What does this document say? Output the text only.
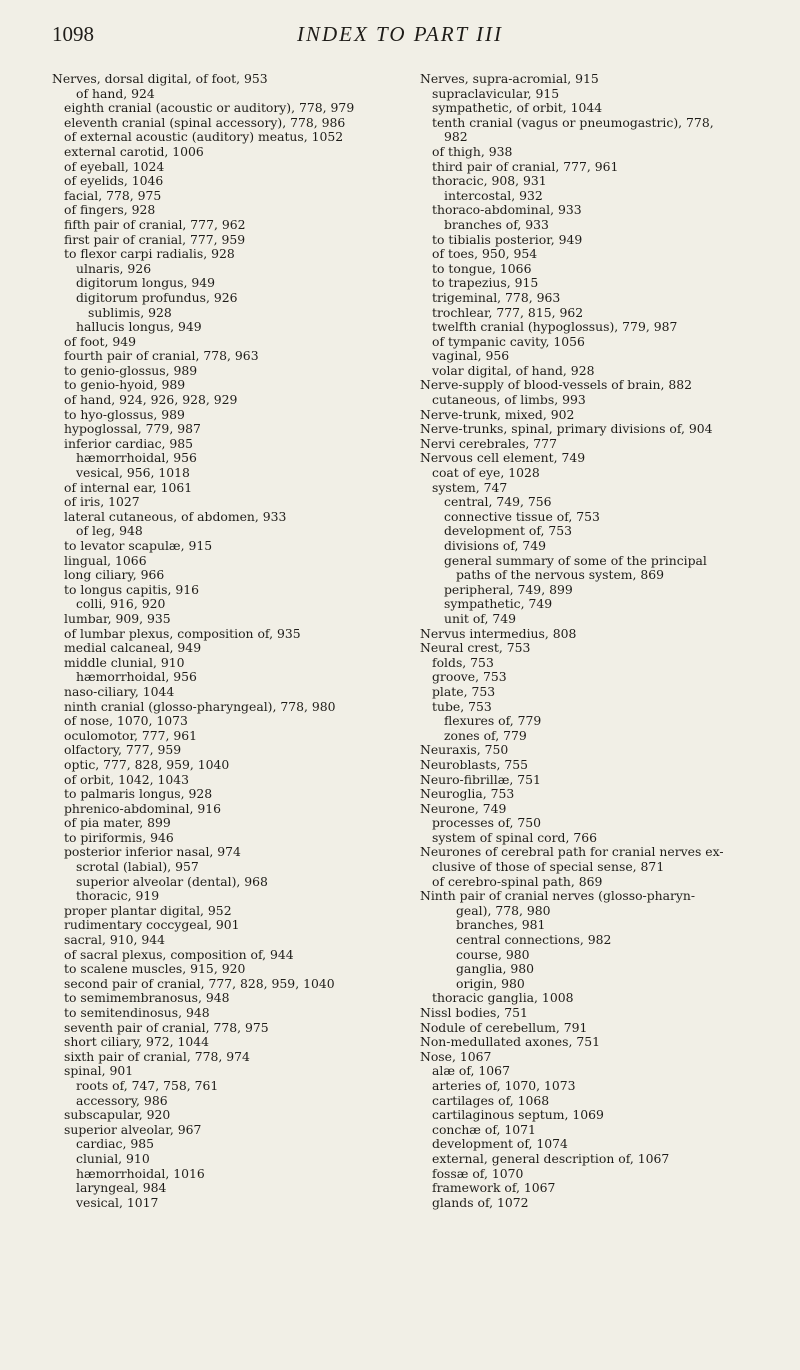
1098	INDEX TO PART III
Nerves, dorsal digital, of foot, 953
of hand, 924
eighth cranial (acoustic or auditory), 778, 979
eleventh cranial (spinal accessory), 778, 986
of external acoustic (auditory) meatus, 1052
external carotid, 1006
of eyeball, 1024
of eyelids, 1046
facial, 778, 975
of fingers, 928
fifth pair of cranial, 777, 962
first pair of cranial, 777, 959
to flexor carpi radialis, 928
ulnaris, 926
digitorum longus, 949
digitorum profundus, 926
sublimis, 928
hallucis longus, 949
of foot, 949
fourth pair of cranial, 778, 963
to genio-glossus, 989
to genio-hyoid, 989
of hand, 924, 926, 928, 929
to hyo-glossus, 989
hypoglossal, 779, 987
inferior cardiac, 985
hæmorrhoidal, 956
vesical, 956, 1018
of internal ear, 1061
of iris, 1027
lateral cutaneous, of abdomen, 933
of leg, 948
to levator scapulæ, 915
lingual, 1066
long ciliary, 966
to longus capitis, 916
colli, 916, 920
lumbar, 909, 935
of lumbar plexus, composition of, 935
medial calcaneal, 949
middle clunial, 910
hæmorrhoidal, 956
naso-ciliary, 1044
ninth cranial (glosso-pharyngeal), 778, 980
of nose, 1070, 1073
oculomotor, 777, 961
olfactory, 777, 959
optic, 777, 828, 959, 1040
of orbit, 1042, 1043
to palmaris longus, 928
phrenico-abdominal, 916
of pia mater, 899
to piriformis, 946
posterior inferior nasal, 974
scrotal (labial), 957
superior alveolar (dental), 968
thoracic, 919
proper plantar digital, 952
rudimentary coccygeal, 901
sacral, 910, 944
of sacral plexus, composition of, 944
to scalene muscles, 915, 920
second pair of cranial, 777, 828, 959, 1040
to semimembranosus, 948
to semitendinosus, 948
seventh pair of cranial, 778, 975
short ciliary, 972, 1044
sixth pair of cranial, 778, 974
spinal, 901
roots of, 747, 758, 761
accessory, 986
subscapular, 920
superior alveolar, 967
cardiac, 985
clunial, 910
hæmorrhoidal, 1016
laryngeal, 984
vesical, 1017
Nerves, supra-acromial, 915
supraclavicular, 915
sympathetic, of orbit, 1044
tenth cranial (vagus or pneumogastric), 778,
982
of thigh, 938
third pair of cranial, 777, 961
thoracic, 908, 931
intercostal, 932
thoraco-abdominal, 933
branches of, 933
to tibialis posterior, 949
of toes, 950, 954
to tongue, 1066
to trapezius, 915
trigeminal, 778, 963
trochlear, 777, 815, 962
twelfth cranial (hypoglossus), 779, 987
of tympanic cavity, 1056
vaginal, 956
volar digital, of hand, 928
Nerve-supply of blood-vessels of brain, 882
cutaneous, of limbs, 993
Nerve-trunk, mixed, 902
Nerve-trunks, spinal, primary divisions of, 904
Nervi cerebrales, 777
Nervous cell element, 749
coat of eye, 1028
system, 747
central, 749, 756
connective tissue of, 753
development of, 753
divisions of, 749
general summary of some of the principal
paths of the nervous system, 869
peripheral, 749, 899
sympathetic, 749
unit of, 749
Nervus intermedius, 808
Neural crest, 753
folds, 753
groove, 753
plate, 753
tube, 753
flexures of, 779
zones of, 779
Neuraxis, 750
Neuroblasts, 755
Neuro-fibrillæ, 751
Neuroglia, 753
Neurone, 749
processes of, 750
system of spinal cord, 766
Neurones of cerebral path for cranial nerves ex-
clusive of those of special sense, 871
of cerebro-spinal path, 869
Ninth pair of cranial nerves (glosso-pharyn-
geal), 778, 980
branches, 981
central connections, 982
course, 980
ganglia, 980
origin, 980
thoracic ganglia, 1008
Nissl bodies, 751
Nodule of cerebellum, 791
Non-medullated axones, 751
Nose, 1067
alæ of, 1067
arteries of, 1070, 1073
cartilages of, 1068
cartilaginous septum, 1069
conchæ of, 1071
development of, 1074
external, general description of, 1067
fossæ of, 1070
framework of, 1067
glands of, 1072
